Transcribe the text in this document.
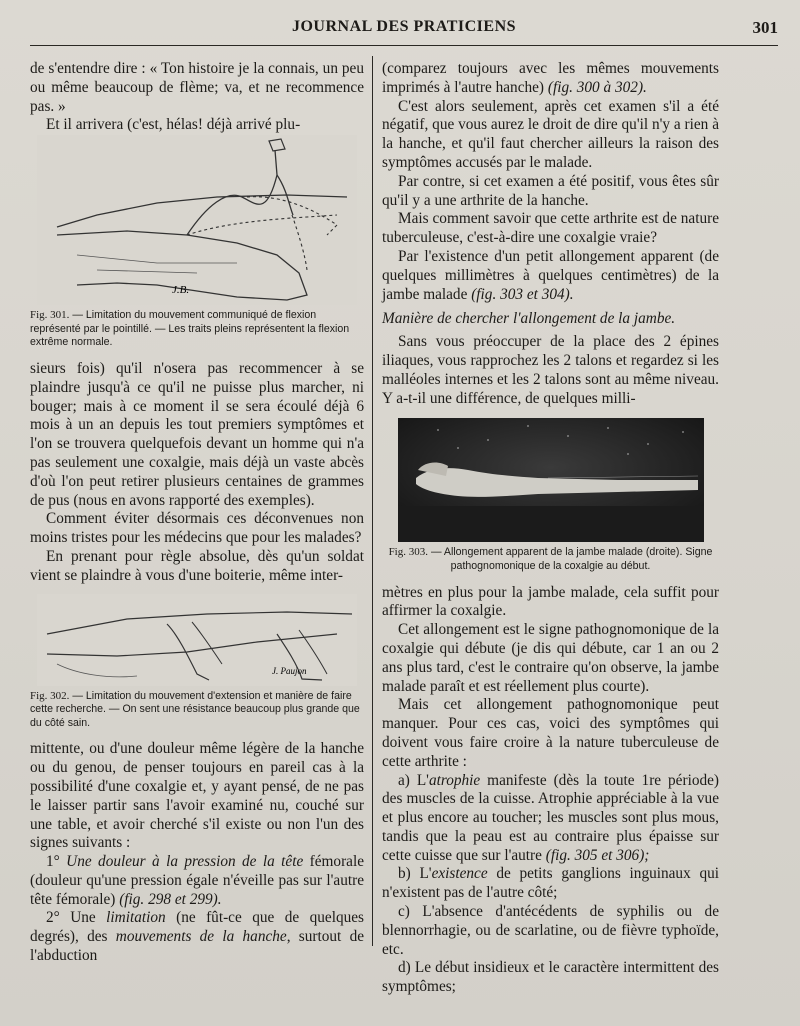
JOURNAL DES PRATICIENS	301

de s'entendre dire : « Ton histoire je la connais, un peu ou même beaucoup de flème; va, et ne recommence pas. »

Et il arrivera (c'est, hélas! déjà arrivé plu-

J.B.
Fig. 301. — Limitation du mouvement communiqué de flexion représenté par le pointillé. — Les traits pleins représentent la flexion extrême normale.

sieurs fois) qu'il n'osera pas recommencer à se plaindre jusqu'à ce qu'il ne puisse plus marcher, ni bouger; mais à ce moment il se sera écoulé déjà 6 mois à un an depuis les tout premiers symptômes et l'on se trouvera quelquefois devant un homme qui n'a pas seulement une coxalgie, mais déjà un vaste abcès d'où l'on peut retirer plusieurs centaines de grammes de pus (nous en avons rapporté des exemples).

Comment éviter désormais ces déconvenues non moins tristes pour les médecins que pour les malades?

En prenant pour règle absolue, dès qu'un soldat vient se plaindre à vous d'une boiterie, même inter-

J. Paujon
Fig. 302. — Limitation du mouvement d'extension et manière de faire cette recherche. — On sent une résistance beaucoup plus grande que du côté sain.

mittente, ou d'une douleur même légère de la hanche ou du genou, de penser toujours en pareil cas à la possibilité d'une coxalgie et, y ayant pensé, de ne pas le laisser partir sans l'avoir examiné nu, couché sur une table, et avoir cherché s'il existe ou non l'un des signes suivants :

1° Une douleur à la pression de la tête fémorale (douleur qu'une pression égale n'éveille pas sur l'autre tête fémorale) (fig. 298 et 299).

2° Une limitation (ne fût-ce que de quelques degrés), des mouvements de la hanche, surtout de l'abduction

(comparez toujours avec les mêmes mouvements imprimés à l'autre hanche) (fig. 300 à 302).

C'est alors seulement, après cet examen s'il a été négatif, que vous aurez le droit de dire qu'il n'y a rien à la hanche, et qu'il faut chercher ailleurs la raison des symptômes accusés par le malade.

Par contre, si cet examen a été positif, vous êtes sûr qu'il y a une arthrite de la hanche.

Mais comment savoir que cette arthrite est de nature tuberculeuse, c'est-à-dire une coxalgie vraie?

Par l'existence d'un petit allongement apparent (de quelques millimètres à quelques centimètres) de la jambe malade (fig. 303 et 304).

Manière de chercher l'allongement de la jambe.

Sans vous préoccuper de la place des 2 épines iliaques, vous rapprochez les 2 talons et regardez si les malléoles internes et les 2 talons sont au même niveau. Y a-t-il une différence, de quelques milli-

Fig. 303. — Allongement apparent de la jambe malade (droite). Signe pathognomonique de la coxalgie au début.

mètres en plus pour la jambe malade, cela suffit pour affirmer la coxalgie.

Cet allongement est le signe pathognomonique de la coxalgie qui débute (je dis qui débute, car 1 an ou 2 ans plus tard, c'est le contraire qu'on observe, la jambe malade paraît et est réellement plus courte).

Mais cet allongement pathognomonique peut manquer. Pour ces cas, voici des symptômes qui doivent vous faire croire à la nature tuberculeuse de cette arthrite :

a) L'atrophie manifeste (dès la toute 1re période) des muscles de la cuisse. Atrophie appréciable à la vue et plus encore au toucher; les muscles sont plus mous, tandis que la peau est au contraire plus épaisse sur cette cuisse que sur l'autre (fig. 305 et 306);

b) L'existence de petits ganglions inguinaux qui n'existent pas de l'autre côté;

c) L'absence d'antécédents de syphilis ou de blennorrhagie, ou de scarlatine, ou de fièvre typhoïde, etc.

d) Le début insidieux et le caractère intermittent des symptômes;
